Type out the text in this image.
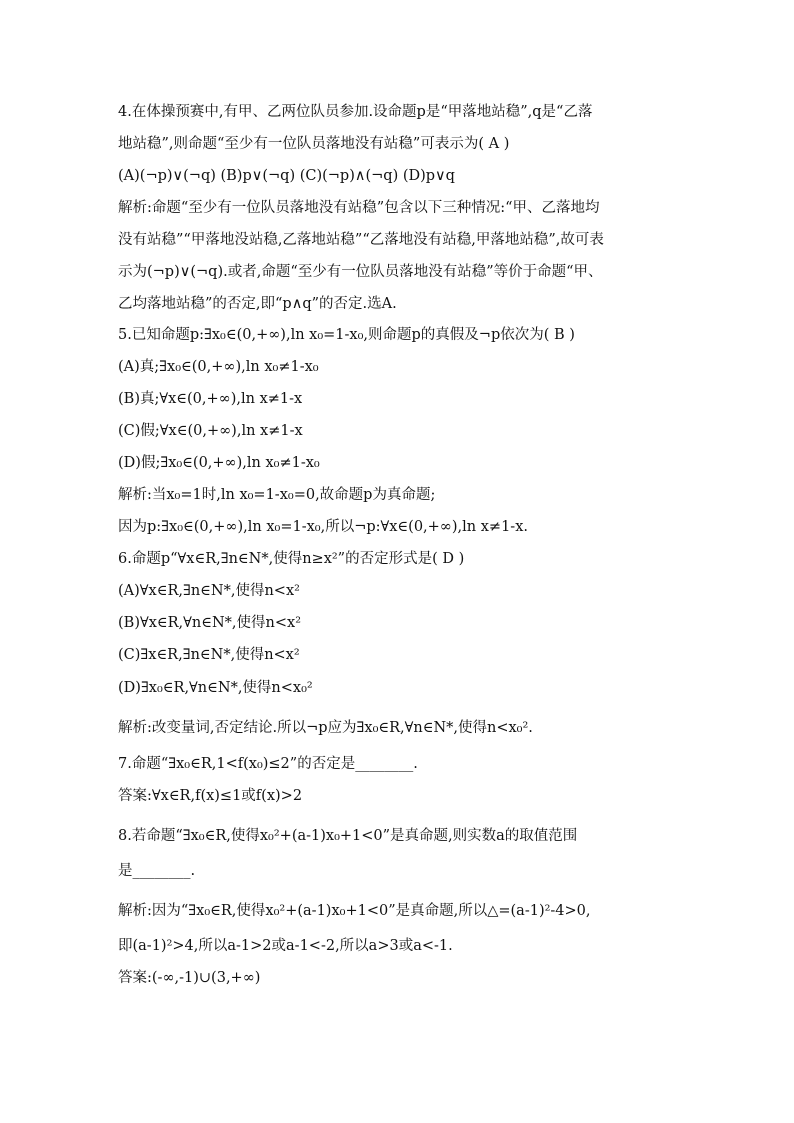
4.在体操预赛中,有甲、乙两位队员参加.设命题p是“甲落地站稳”,q是“乙落
地站稳”,则命题“至少有一位队员落地没有站稳”可表示为( A )
(A)(¬p)∨(¬q) (B)p∨(¬q) (C)(¬p)∧(¬q) (D)p∨q
解析:命题“至少有一位队员落地没有站稳”包含以下三种情况:“甲、乙落地均
没有站稳”“甲落地没站稳,乙落地站稳”“乙落地没有站稳,甲落地站稳”,故可表
示为(¬p)∨(¬q).或者,命题“至少有一位队员落地没有站稳”等价于命题“甲、
乙均落地站稳”的否定,即“p∧q”的否定.选A.
5.已知命题p:∃x₀∈(0,+∞),ln x₀=1-x₀,则命题p的真假及¬p依次为( B )
(A)真;∃x₀∈(0,+∞),ln x₀≠1-x₀
(B)真;∀x∈(0,+∞),ln x≠1-x
(C)假;∀x∈(0,+∞),ln x≠1-x
(D)假;∃x₀∈(0,+∞),ln x₀≠1-x₀
解析:当x₀=1时,ln x₀=1-x₀=0,故命题p为真命题;
因为p:∃x₀∈(0,+∞),ln x₀=1-x₀,所以¬p:∀x∈(0,+∞),ln x≠1-x.
6.命题p“∀x∈R,∃n∈N*,使得n≥x²”的否定形式是( D )
(A)∀x∈R,∃n∈N*,使得n<x²
(B)∀x∈R,∀n∈N*,使得n<x²
(C)∃x∈R,∃n∈N*,使得n<x²
(D)∃x₀∈R,∀n∈N*,使得n<x₀²
解析:改变量词,否定结论.所以¬p应为∃x₀∈R,∀n∈N*,使得n<x₀².
7.命题“∃x₀∈R,1<f(x₀)≤2”的否定是________.
答案:∀x∈R,f(x)≤1或f(x)>2
8.若命题“∃x₀∈R,使得x₀²+(a-1)x₀+1<0”是真命题,则实数a的取值范围
是________.
解析:因为“∃x₀∈R,使得x₀²+(a-1)x₀+1<0”是真命题,所以△=(a-1)²-4>0,
即(a-1)²>4,所以a-1>2或a-1<-2,所以a>3或a<-1.
答案:(-∞,-1)∪(3,+∞)
